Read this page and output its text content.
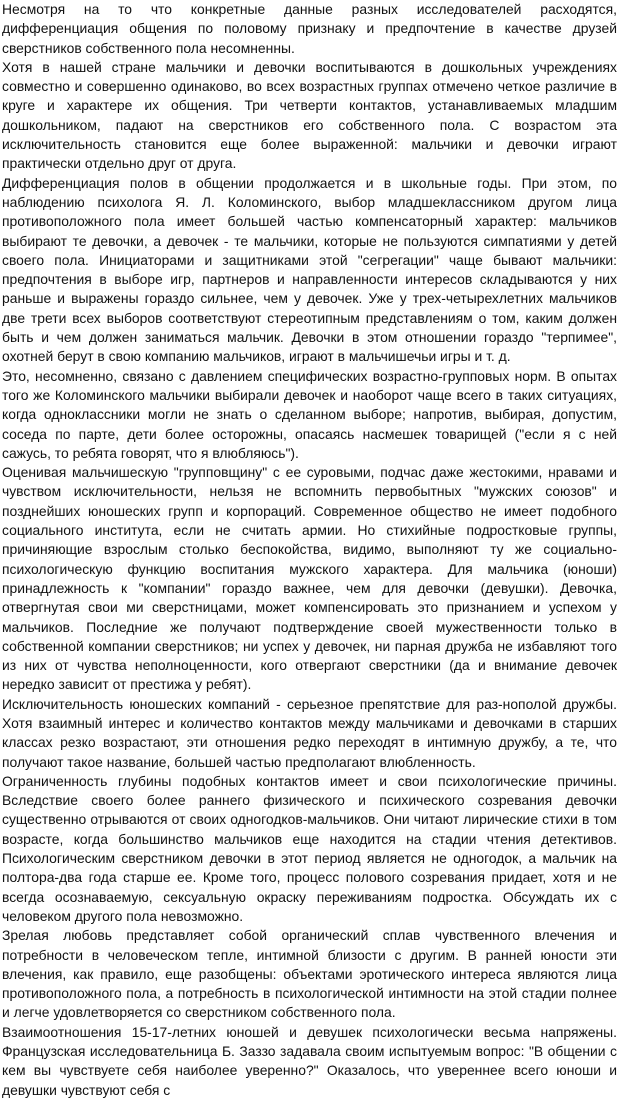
Несмотря на то что конкретные данные разных исследователей расходятся, дифференциация общения по половому признаку и предпочтение в качестве друзей сверстников собственного пола несомненны.

Хотя в нашей стране мальчики и девочки воспитываются в дошкольных учреждениях совместно и совершенно одинаково, во всех возрастных группах отмечено четкое различие в круге и характере их общения. Три четверти контактов, устанавливаемых младшим дошкольником, падают на сверстников его собственного пола. С возрастом эта исключительность становится еще более выраженной: мальчики и девочки играют практически отдельно друг от друга.

Дифференциация полов в общении продолжается и в школьные годы. При этом, по наблюдению психолога Я. Л. Коломинского, выбор младшеклассником другом лица противоположного пола имеет большей частью компенсаторный характер: мальчиков выбирают те девочки, а девочек - те мальчики, которые не пользуются симпатиями у детей своего пола. Инициаторами и защитниками этой "сегрегации" чаще бывают мальчики: предпочтения в выборе игр, партнеров и направленности интересов складываются у них раньше и выражены гораздо сильнее, чем у девочек. Уже у трех-четырехлетних мальчиков две трети всех выборов соответствуют стереотипным представлениям о том, каким должен быть и чем должен заниматься мальчик. Девочки в этом отношении гораздо "терпимее", охотней берут в свою компанию мальчиков, играют в мальчишечьи игры и т. д.

Это, несомненно, связано с давлением специфических возрастно-групповых норм. В опытах того же Коломинского мальчики выбирали девочек и наоборот чаще всего в таких ситуациях, когда одноклассники могли не знать о сделанном выборе; напротив, выбирая, допустим, соседа по парте, дети более осторожны, опасаясь насмешек товарищей ("если я с ней сажусь, то ребята говорят, что я влюбляюсь").

Оценивая мальчишескую "групповщину" с ее суровыми, подчас даже жестокими, нравами и чувством исключительности, нельзя не вспомнить первобытных "мужских союзов" и позднейших юношеских групп и корпораций. Современное общество не имеет подобного социального института, если не считать армии. Но стихийные подростковые группы, причиняющие взрослым столько беспокойства, видимо, выполняют ту же социально-психологическую функцию воспитания мужского характера. Для мальчика (юноши) принадлежность к "компании" гораздо важнее, чем для девочки (девушки). Девочка, отвергнутая свои ми сверстницами, может компенсировать это признанием и успехом у мальчиков. Последние же получают подтверждение своей мужественности только в собственной компании сверстников; ни успех у девочек, ни парная дружба не избавляют того из них от чувства неполноценности, кого отвергают сверстники (да и внимание девочек нередко зависит от престижа у ребят).

Исключительность юношеских компаний - серьезное препятствие для раз-нополой дружбы. Хотя взаимный интерес и количество контактов между мальчиками и девочками в старших классах резко возрастают, эти отношения редко переходят в интимную дружбу, а те, что получают такое название, большей частью предполагают влюбленность.

Ограниченность глубины подобных контактов имеет и свои психологические причины. Вследствие своего более раннего физического и психического созревания девочки существенно отрываются от своих одногодков-мальчиков. Они читают лирические стихи в том возрасте, когда большинство мальчиков еще находится на стадии чтения детективов. Психологическим сверстником девочки в этот период является не одногодок, а мальчик на полтора-два года старше ее. Кроме того, процесс полового созревания придает, хотя и не всегда осознаваемую, сексуальную окраску переживаниям подростка. Обсуждать их с человеком другого пола невозможно.

Зрелая любовь представляет собой органический сплав чувственного влечения и потребности в человеческом тепле, интимной близости с другим. В ранней юности эти влечения, как правило, еще разобщены: объектами эротического интереса являются лица противоположного пола, а потребность в психологической интимности на этой стадии полнее и легче удовлетворяется со сверстником собственного пола.

Взаимоотношения 15-17-летних юношей и девушек психологически весьма напряжены. Французская исследовательница Б. Заззо задавала своим испытуемым вопрос: "В общении с кем вы чувствуете себя наиболее уверенно?" Оказалось, что увереннее всего юноши и девушки чувствуют себя с
